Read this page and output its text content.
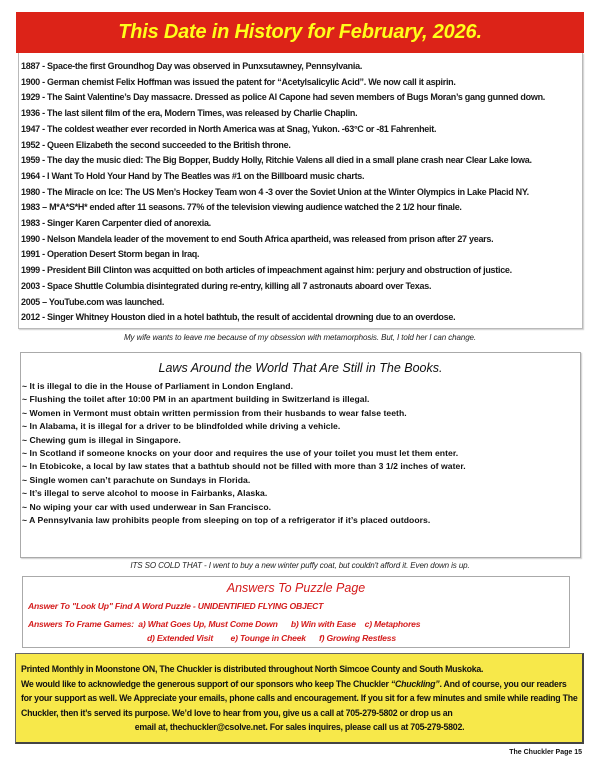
This Date in History for February, 2026.
1887 - Space-the first Groundhog Day was observed in Punxsutawney, Pennsylvania.
1900 - German chemist Felix Hoffman was issued the patent for “Acetylsalicylic Acid”. We now call it aspirin.
1929 - The Saint Valentine’s Day massacre. Dressed as police Al Capone had seven members of Bugs Moran’s gang gunned down.
1936 - The last silent film of the era, Modern Times, was released by Charlie Chaplin.
1947 - The coldest weather ever recorded in North America was at Snag, Yukon. -63°C or -81 Fahrenheit.
1952 - Queen Elizabeth the second succeeded to the British throne.
1959 - The day the music died: The Big Bopper, Buddy Holly, Ritchie Valens all died in a small plane crash near Clear Lake Iowa.
1964 - I Want To Hold Your Hand by The Beatles was #1 on the Billboard music charts.
1980 - The Miracle on Ice: The US Men’s Hockey Team won 4 -3 over the Soviet Union at the Winter Olympics in Lake Placid NY.
1983 – M*A*S*H* ended after 11 seasons. 77% of the television viewing audience watched the 2 1/2 hour finale.
1983 - Singer Karen Carpenter died of anorexia.
1990 - Nelson Mandela leader of the movement to end South Africa apartheid, was released from prison after 27 years.
1991 - Operation Desert Storm began in Iraq.
1999 - President Bill Clinton was acquitted on both articles of impeachment against him: perjury and obstruction of justice.
2003 - Space Shuttle Columbia disintegrated during re-entry, killing all 7 astronauts aboard over Texas.
2005 – YouTube.com was launched.
2012 - Singer Whitney Houston died in a hotel bathtub, the result of accidental drowning due to an overdose.
My wife wants to leave me because of my obsession with metamorphosis. But, I told her I can change.
Laws Around the World That Are Still in The Books.
~ It is illegal to die in the House of Parliament in London England.
~ Flushing the toilet after 10:00 PM in an apartment building in Switzerland is illegal.
~ Women in Vermont must obtain written permission from their husbands to wear false teeth.
~ In Alabama, it is illegal for a driver to be blindfolded while driving a vehicle.
~ Chewing gum is illegal in Singapore.
~ In Scotland if someone knocks on your door and requires the use of your toilet you must let them enter.
~ In Etobicoke, a local by law states that a bathtub should not be filled with more than 3 1/2 inches of water.
~ Single women can’t parachute on Sundays in Florida.
~ It’s illegal to serve alcohol to moose in Fairbanks, Alaska.
~ No wiping your car with used underwear in San Francisco.
~ A Pennsylvania law prohibits people from sleeping on top of a refrigerator if it’s placed outdoors.
ITS SO COLD THAT - I went to buy a new winter puffy coat, but couldn't afford it. Even down is up.
Answers To Puzzle Page
Answer To "Look Up" Find A Word Puzzle - UNIDENTIFIED FLYING OBJECT
Answers To Frame Games: a) What Goes Up, Must Come Down b) Win with Ease c) Metaphores
d) Extended Visit e) Tounge in Cheek f) Growing Restless

Printed Monthly in Moonstone ON, The Chuckler is distributed throughout North Simcoe County and South Muskoka.
We would like to acknowledge the generous support of our sponsors who keep The Chuckler “Chuckling”. And of course, you our readers for your support as well. We Appreciate your emails, phone calls and encouragement. If you sit for a few minutes and smile while reading The Chuckler, then it’s served its purpose. We’d love to hear from you, give us a call at 705-279-5802 or drop us an
email at, thechuckler@csolve.net. For sales inquires, please call us at 705-279-5802.

The Chuckler Page 15
